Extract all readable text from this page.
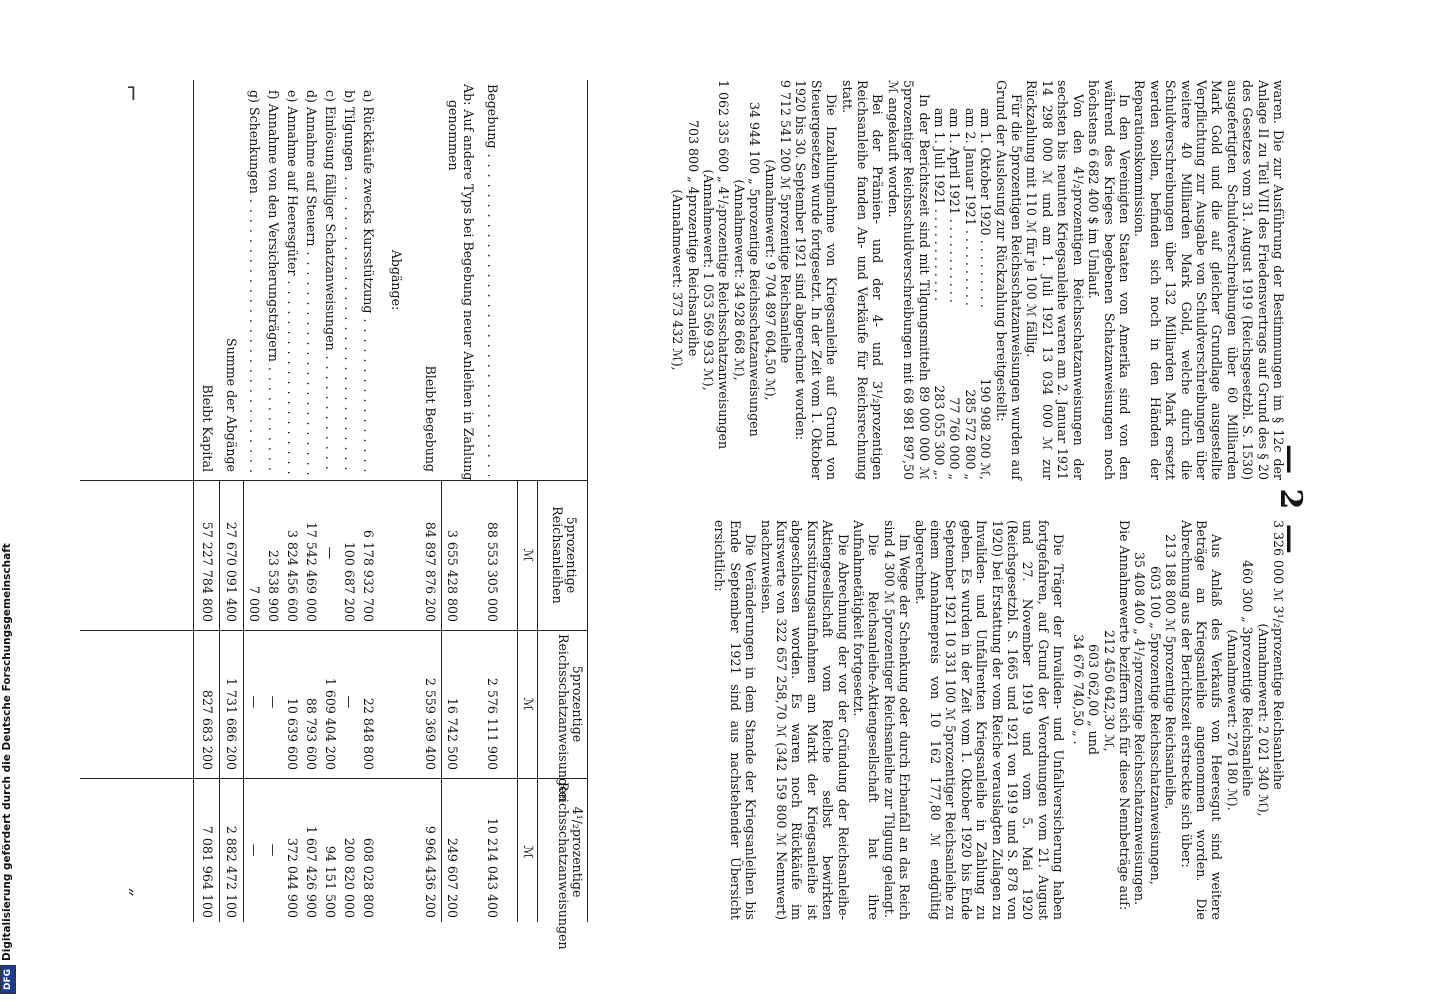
— 2 —

waren. Die zur Ausführung der Bestimmungen im § 12c der Anlage II zu Teil VIII des Friedensvertrags auf Grund des § 20 des Gesetzes vom 31. August 1919 (Reichsgesetzbl. S. 1530) ausgefertigten Schuldverschreibungen über 60 Milliarden Mark Gold und die auf gleicher Grundlage ausgestellte Verpflichtung zur Ausgabe von Schuldverschreibungen über weitere 40 Milliarden Mark Gold, welche durch die Schuldverschreibungen über 132 Milliarden Mark ersetzt werden sollen, befinden sich noch in den Händen der Reparationskommission.

In den Vereinigten Staaten von Amerika sind von den während des Krieges begebenen Schatzanweisungen noch höchstens 6 682 400 $ im Umlauf.

Von den 4¹/₂prozentigen Reichsschatzanweisungen der sechsten bis neunten Kriegsanleihe waren am 2. Januar 1921 14 298 000 ℳ und am 1. Juli 1921 13 034 000 ℳ zur Rückzahlung mit 110 ℳ für je 100 ℳ fällig.

Für die 5prozentigen Reichsschatzanweisungen wurden auf Grund der Auslosung zur Rückzahlung bereitgestellt:

am 1. Oktober 1920 . . . . . . . . .
190 908 200 ℳ,
am 2. Januar 1921 . . . . . . . . . .
285 572 800 „
am 1. April 1921 . . . . . . . . . . .
77 760 000 „
am 1. Juli 1921 . . . . . . . . . . . .
283 055 300 „.

In der Berichtszeit sind mit Tilgungsmitteln 89 000 000 ℳ 5prozentiger Reichsschuldverschreibungen mit 68 981 897,50 ℳ angekauft worden.

Bei der Prämien- und der 4- und 3¹/₂prozentigen Reichsanleihe fanden An- und Verkäufe für Reichsrechnung statt.

Die Inzahlungnahme von Kriegsanleihe auf Grund von Steuergesetzen wurde fortgesetzt. In der Zeit vom 1. Oktober 1920 bis 30. September 1921 sind abgerechnet worden:

9 712 541 200 ℳ 5prozentige Reichsanleihe

(Annahmewert: 9 704 897 604,50 ℳ),

34 944 100 „ 5prozentige Reichsschatzanweisungen

(Annahmewert: 34 928 668 ℳ),

1 062 335 600 „ 4¹/₂prozentige Reichsschatzanweisungen

(Annahmewert: 1 053 569 933 ℳ),

703 800 „ 4prozentige Reichsanleihe

(Annahmewert: 373 432 ℳ),

3 326 000 ℳ 3¹/₂prozentige Reichsanleihe

(Annahmewert: 2 021 340 ℳ),

460 300 „ 3prozentige Reichsanleihe

(Annahmewert: 276 180 ℳ).

Aus Anlaß des Verkaufs von Heeresgut sind weitere Beträge an Kriegsanleihe angenommen worden. Die Abrechnung aus der Berichtszeit erstreckte sich über:

213 188 800 ℳ 5prozentige Reichsanleihe,

603 100 „ 5prozentige Reichsschatzanweisungen,

35 408 400 „ 4¹/₂prozentige Reichsschatzanweisungen.

Die Annahmewerte beziffern sich für diese Nennbeträge auf:

212 450 642,30 ℳ,

603 062,00 „ und

34 676 740,50 „ .

Die Träger der Invaliden- und Unfallversicherung haben fortgefahren, auf Grund der Verordnungen vom 21. August und 27. November 1919 und vom 5. Mai 1920 (Reichsgesetzbl. S. 1665 und 1921 von 1919 und S. 878 von 1920) bei Erstattung der vom Reiche verauslagten Zulagen zu Invaliden- und Unfallrenten Kriegsanleihe in Zahlung zu geben. Es wurden in der Zeit vom 1. Oktober 1920 bis Ende September 1921 10 331 100 ℳ 5prozentiger Reichsanleihe zu einem Annahmepreis von 10 162 177,80 ℳ endgültig abgerechnet.

Im Wege der Schenkung oder durch Erbanfall an das Reich sind 4 300 ℳ 5prozentiger Reichsanleihe zur Tilgung gelangt.

Die Reichsanleihe-Aktiengesellschaft hat ihre Aufnahmetätigkeit fortgesetzt.

Die Abrechnung der vor der Gründung der Reichsanleihe-Aktiengesellschaft vom Reiche selbst bewirkten Kursstützungsaufnahmen am Markt der Kriegsanleihe ist abgeschlossen worden. Es waren noch Rückkäufe im Kurswerte von 322 657 258,70 ℳ (342 159 800 ℳ Nennwert) nachzuweisen.

Die Veränderungen in dem Stande der Kriegsanleihen bis Ende September 1921 sind aus nachstehender Übersicht ersichtlich:

5prozentige Reichsanleihen
5prozentige Reichsschatzanweisungen
4¹/₂prozentige Reichsschatzanweisungen
ℳ
ℳ
ℳ
Begebung . . .
88 553 305 000
2 576 111 900
10 214 043 400
Ab: Auf andere Typs bei Begebung neuer Anleihen in Zahlung genommen
3 655 428 800
16 742 500
249 607 200
Bleibt Begebung
84 897 876 200
2 559 369 400
9 964 436 200
Abgänge:
a) Rückkäufe zwecks Kursstützung . . .
6 178 932 700
22 848 800
608 028 800
b) Tilgungen . . .
100 687 200
—
200 820 000
c) Einlösung fälliger Schatzanweisungen . . .
—
1 609 404 200
94 151 500
d) Annahme auf Steuern . . .
17 542 469 000
88 793 600
1 607 426 900
e) Annahme auf Heeresgüter . . .
3 824 456 600
10 639 600
372 044 900
f) Annahme von den Versicherungsträgern . . .
23 538 900
—
—
g) Schenkungen . . .
7 000
—
—
Summe der Abgänge
27 670 091 400
1 731 686 200
2 882 472 100
Bleibt Kapital
57 227 784 800
827 683 200
7 081 964 100
⌐
˝
DFGDigitalisierung gefördert durch die Deutsche Forschungsgemeinschaft
